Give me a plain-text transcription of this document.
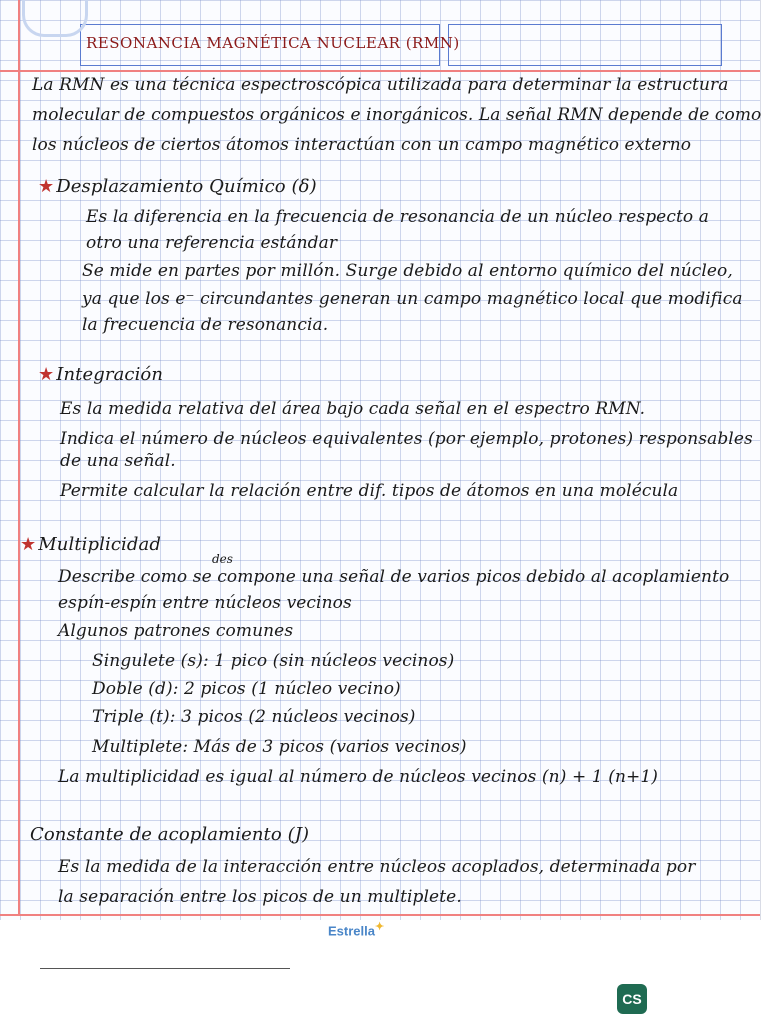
RESONANCIA MAGNÉTICA NUCLEAR (RMN)
La RMN es una técnica espectroscópica utilizada para determinar la estructura
molecular de compuestos orgánicos e inorgánicos. La señal RMN depende de como
los núcleos de ciertos átomos interactúan con un campo magnético externo
★ Desplazamiento Químico (δ)
Es la diferencia en la frecuencia de resonancia de un núcleo respecto a
otro una referencia estándar
Se mide en partes por millón. Surge debido al entorno químico del núcleo,
ya que los e⁻ circundantes generan un campo magnético local que modifica
la frecuencia de resonancia.
★ Integración
Es la medida relativa del área bajo cada señal en el espectro RMN.
Indica el número de núcleos equivalentes (por ejemplo, protones) responsables
de una señal.
Permite calcular la relación entre dif. tipos de átomos en una molécula
★ Multiplicidad
des
Describe como se compone una señal de varios picos debido al acoplamiento
espín-espín entre núcleos vecinos
Algunos patrones comunes
Singulete (s): 1 pico (sin núcleos vecinos)
Doble (d): 2 picos (1 núcleo vecino)
Triple (t): 3 picos (2 núcleos vecinos)
Multiplete: Más de 3 picos (varios vecinos)
La multiplicidad es igual al número de núcleos vecinos (n) + 1 (n+1)
Constante de acoplamiento (J)
Es la medida de la interacción entre núcleos acoplados, determinada por
la separación entre los picos de un multiplete.
Estrella✦
CS
